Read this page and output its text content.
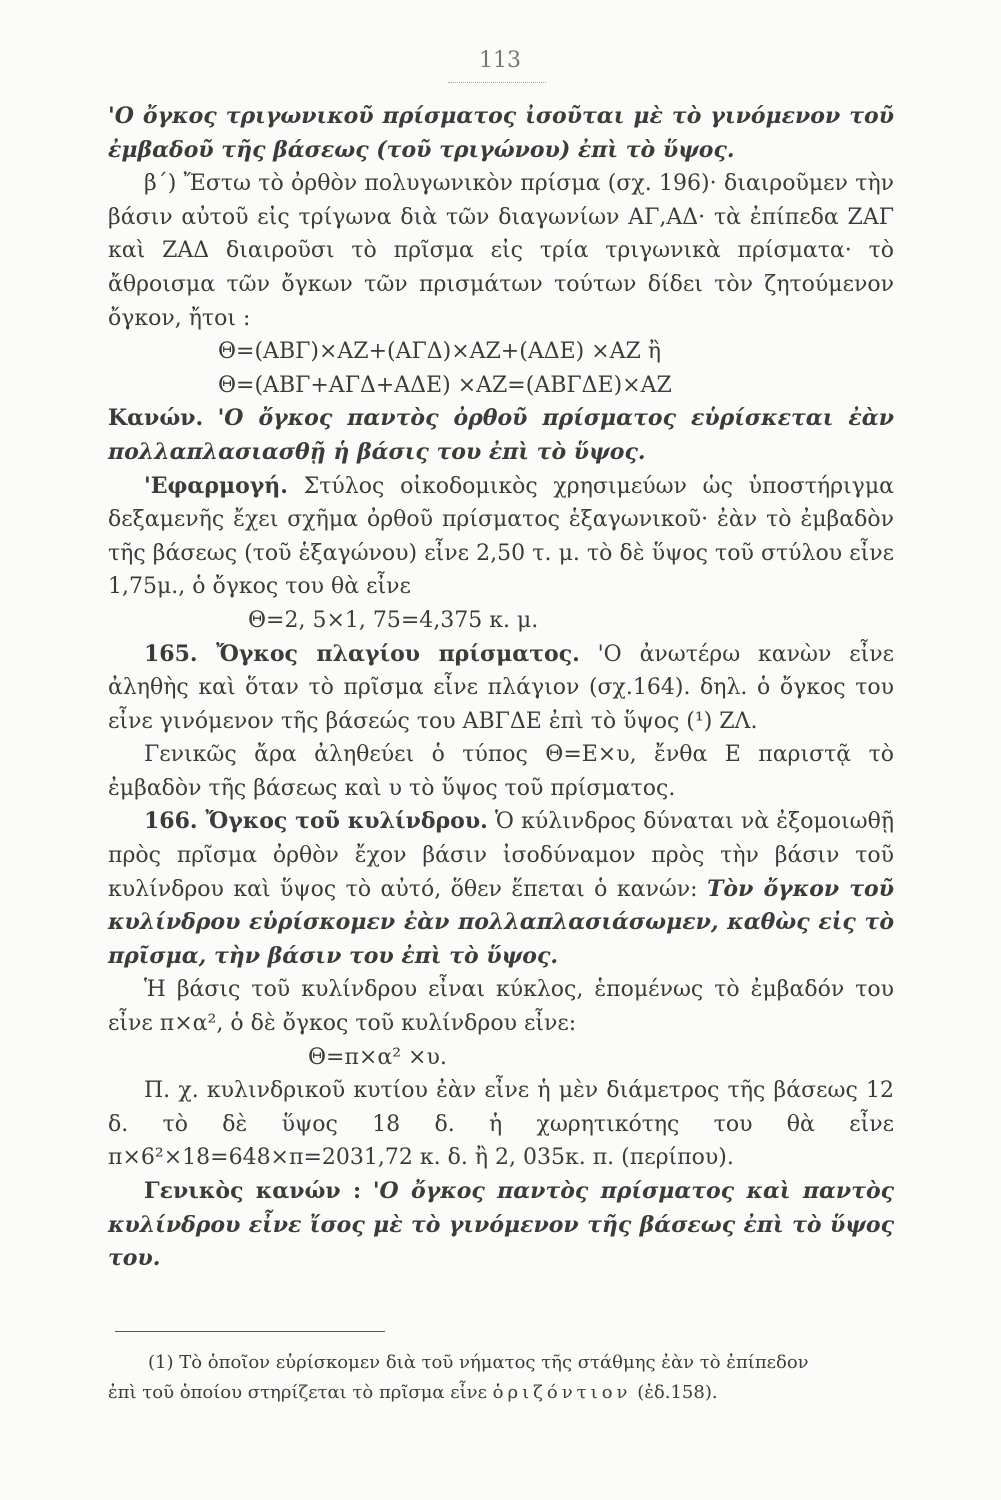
113

'Ο ὄγκος τριγωνικοῦ πρίσματος ἰσοῦται μὲ τὸ γινόμενον τοῦ ἐμβαδοῦ τῆς βάσεως (τοῦ τριγώνου) ἐπὶ τὸ ὕψος.

β΄) Ἔστω τὸ ὀρθὸν πολυγωνικὸν πρίσμα (σχ. 196)· διαιροῦμεν τὴν βάσιν αὐτοῦ εἰς τρίγωνα διὰ τῶν διαγωνίων ΑΓ,ΑΔ· τὰ ἐπίπεδα ΖΑΓ καὶ ΖΑΔ διαιροῦσι τὸ πρῖσμα εἰς τρία τριγωνικὰ πρίσματα· τὸ ἄθροισμα τῶν ὄγκων τῶν πρισμάτων τούτων δίδει τὸν ζητούμενον ὄγκον, ἤτοι :

Θ=(ΑΒΓ)×ΑΖ+(ΑΓΔ)×ΑΖ+(ΑΔΕ) ×ΑΖ ἢ

Θ=(ΑΒΓ+ΑΓΔ+ΑΔΕ) ×ΑΖ=(ΑΒΓΔΕ)×ΑΖ

Κανών. 'Ο ὄγκος παντὸς ὀρθοῦ πρίσματος εὑρίσκεται ἐὰν πολλαπλασιασθῇ ἡ βάσις του ἐπὶ τὸ ὕψος.

'Εφαρμογή. Στύλος οἰκοδομικὸς χρησιμεύων ὡς ὑποστήριγμα δεξαμενῆς ἔχει σχῆμα ὀρθοῦ πρίσματος ἑξαγωνικοῦ· ἐὰν τὸ ἐμβαδὸν τῆς βάσεως (τοῦ ἑξαγώνου) εἶνε 2,50 τ. μ. τὸ δὲ ὕψος τοῦ στύλου εἶνε 1,75μ., ὁ ὄγκος του θὰ εἶνε

Θ=2, 5×1, 75=4,375 κ. μ.

165. Ὄγκος πλαγίου πρίσματος. 'Ο ἀνωτέρω κανὼν εἶνε ἀληθὴς καὶ ὅταν τὸ πρῖσμα εἶνε πλάγιον (σχ.164). δηλ. ὁ ὄγκος του εἶνε γινόμενον τῆς βάσεώς του ΑΒΓΔΕ ἐπὶ τὸ ὕψος (¹) ΖΛ.

Γενικῶς ἄρα ἀληθεύει ὁ τύπος Θ=Ε×υ, ἔνθα Ε παριστᾷ τὸ ἐμβαδὸν τῆς βάσεως καὶ υ τὸ ὕψος τοῦ πρίσματος.

166. Ὄγκος τοῦ κυλίνδρου. Ὁ κύλινδρος δύναται νὰ ἐξομοιωθῇ πρὸς πρῖσμα ὀρθὸν ἔχον βάσιν ἰσοδύναμον πρὸς τὴν βάσιν τοῦ κυλίνδρου καὶ ὕψος τὸ αὐτό, ὅθεν ἕπεται ὁ κανών: Τὸν ὄγκον τοῦ κυλίνδρου εὑρίσκομεν ἐὰν πολλαπλασιάσωμεν, καθὼς εἰς τὸ πρῖσμα, τὴν βάσιν του ἐπὶ τὸ ὕψος.

Ἡ βάσις τοῦ κυλίνδρου εἶναι κύκλος, ἑπομένως τὸ ἐμβαδόν του εἶνε π×α², ὁ δὲ ὄγκος τοῦ κυλίνδρου εἶνε:

Θ=π×α² ×υ.

Π. χ. κυλινδρικοῦ κυτίου ἐὰν εἶνε ἡ μὲν διάμετρος τῆς βάσεως 12 δ. τὸ δὲ ὕψος 18 δ. ἡ χωρητικότης του θὰ εἶνε π×6²×18=648×π=2031,72 κ. δ. ἢ 2, 035κ. π. (περίπου).

Γενικὸς κανών : 'Ο ὄγκος παντὸς πρίσματος καὶ παντὸς κυλίνδρου εἶνε ἴσος μὲ τὸ γινόμενον τῆς βάσεως ἐπὶ τὸ ὕψος του.

(1) Τὸ ὁποῖον εὑρίσκομεν διὰ τοῦ νήματος τῆς στάθμης ἐὰν τὸ ἐπίπεδον

ἐπὶ τοῦ ὁποίου στηρίζεται τὸ πρῖσμα εἶνε ὁριζόντιον (ἐδ.158).
